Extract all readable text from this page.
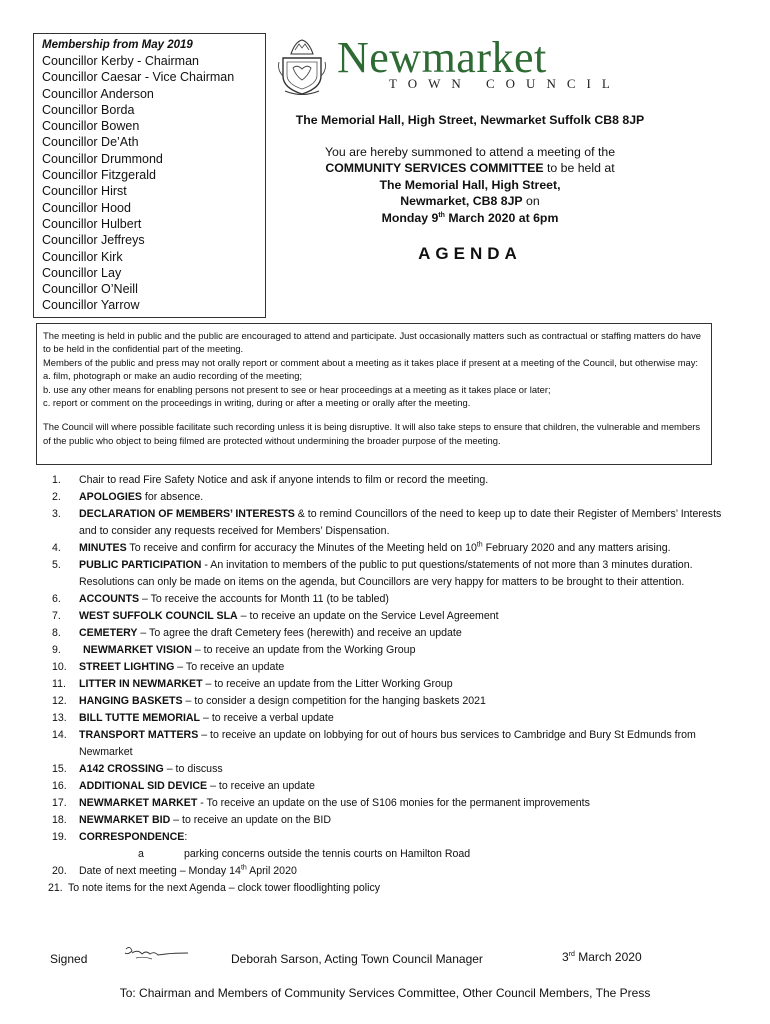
Membership from May 2019
Councillor Kerby - Chairman
Councillor Caesar - Vice Chairman
Councillor Anderson
Councillor Borda
Councillor Bowen
Councillor De’Ath
Councillor Drummond
Councillor Fitzgerald
Councillor Hirst
Councillor Hood
Councillor Hulbert
Councillor Jeffreys
Councillor Kirk
Councillor Lay
Councillor O’Neill
Councillor Yarrow
Newmarket
TOWN COUNCIL
The Memorial Hall, High Street, Newmarket Suffolk CB8 8JP
You are hereby summoned to attend a meeting of the
COMMUNITY SERVICES COMMITTEE to be held at
The Memorial Hall, High Street,
Newmarket, CB8 8JP on
Monday 9th March 2020 at 6pm
AGENDA

The meeting is held in public and the public are encouraged to attend and participate. Just occasionally matters such as contractual or staffing matters do have to be held in the confidential part of the meeting.

Members of the public and press may not orally report or comment about a meeting as it takes place if present at a meeting of the Council, but otherwise may:

a. film, photograph or make an audio recording of the meeting;

b. use any other means for enabling persons not present to see or hear proceedings at a meeting as it takes place or later;

c. report or comment on the proceedings in writing, during or after a meeting or orally after the meeting.

The Council will where possible facilitate such recording unless it is being disruptive. It will also take steps to ensure that children, the vulnerable and members of the public who object to being filmed are protected without undermining the broader purpose of the meeting.

1. Chair to read Fire Safety Notice and ask if anyone intends to film or record the meeting.
2. APOLOGIES for absence.
3. DECLARATION OF MEMBERS’ INTERESTS & to remind Councillors of the need to keep up to date their Register of Members’ Interests and to consider any requests received for Members’ Dispensation.
4. MINUTES To receive and confirm for accuracy the Minutes of the Meeting held on 10th February 2020 and any matters arising.
5. PUBLIC PARTICIPATION - An invitation to members of the public to put questions/statements of not more than 3 minutes duration. Resolutions can only be made on items on the agenda, but Councillors are very happy for matters to be brought to their attention.
6. ACCOUNTS – To receive the accounts for Month 11 (to be tabled)
7. WEST SUFFOLK COUNCIL SLA – to receive an update on the Service Level Agreement
8. CEMETERY – To agree the draft Cemetery fees (herewith) and receive an update
9. NEWMARKET VISION – to receive an update from the Working Group
10. STREET LIGHTING – To receive an update
11. LITTER IN NEWMARKET – to receive an update from the Litter Working Group
12. HANGING BASKETS – to consider a design competition for the hanging baskets 2021
13. BILL TUTTE MEMORIAL – to receive a verbal update
14. TRANSPORT MATTERS – to receive an update on lobbying for out of hours bus services to Cambridge and Bury St Edmunds from Newmarket
15. A142 CROSSING – to discuss
16. ADDITIONAL SID DEVICE – to receive an update
17. NEWMARKET MARKET - To receive an update on the use of S106 monies for the permanent improvements
18. NEWMARKET BID – to receive an update on the BID
19. CORRESPONDENCE:
a	parking concerns outside the tennis courts on Hamilton Road
20. Date of next meeting – Monday 14th April 2020
21. To note items for the next Agenda – clock tower floodlighting policy
Signed	Deborah Sarson, Acting Town Council Manager	3rd March 2020
To: Chairman and Members of Community Services Committee, Other Council Members, The Press
